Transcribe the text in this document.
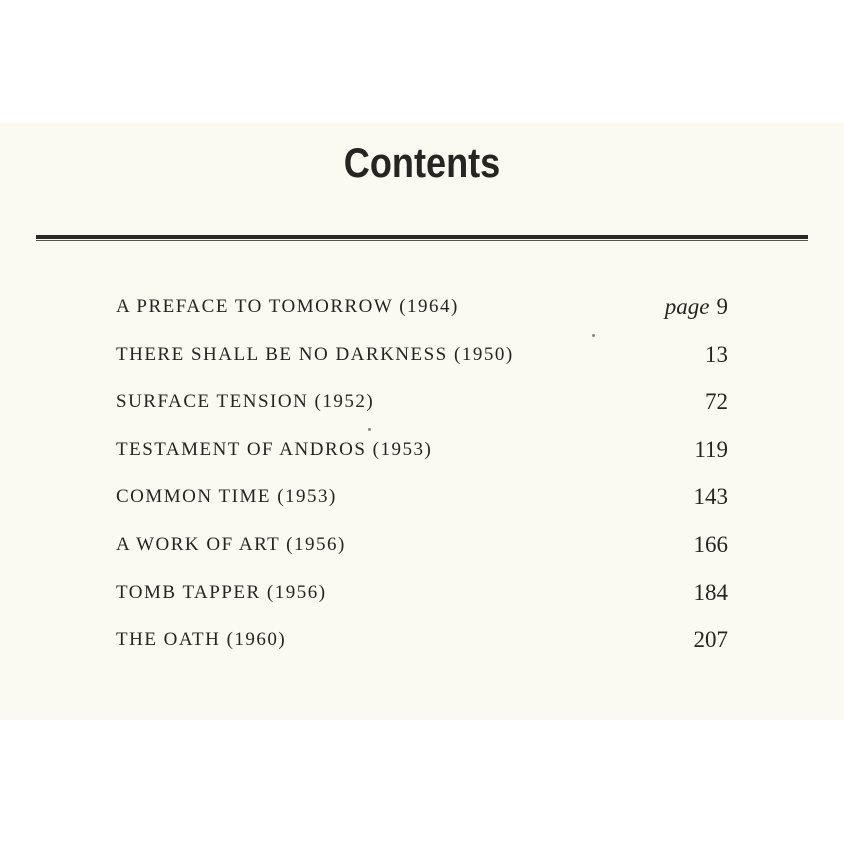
Contents
A PREFACE TO TOMORROW (1964)	page 9
THERE SHALL BE NO DARKNESS (1950)	13
SURFACE TENSION (1952)	72
TESTAMENT OF ANDROS (1953)	119
COMMON TIME (1953)	143
A WORK OF ART (1956)	166
TOMB TAPPER (1956)	184
THE OATH (1960)	207
